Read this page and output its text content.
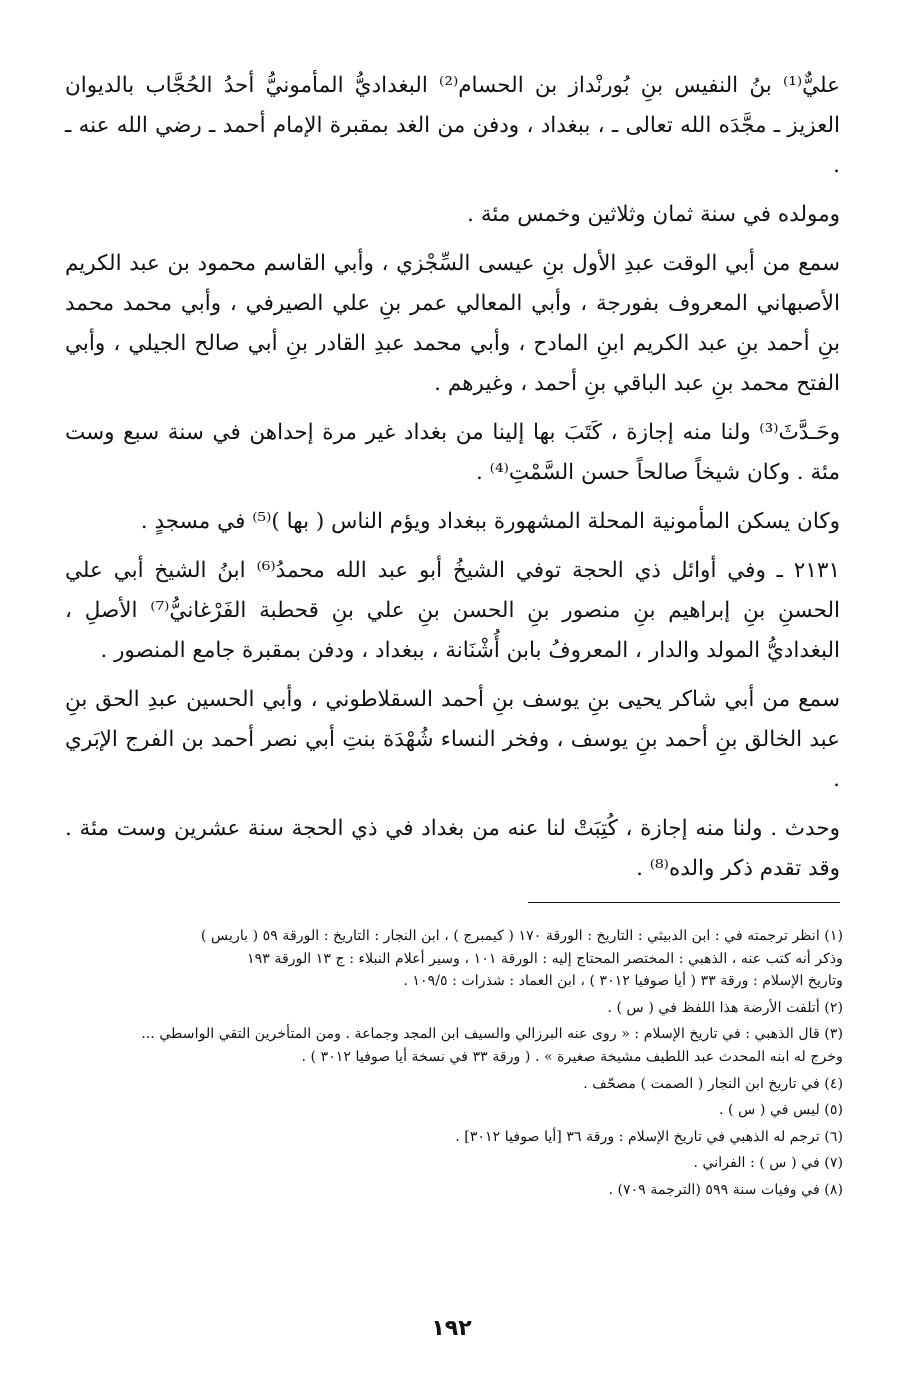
عليٌّ⁽¹⁾ بنُ النفيس بنِ بُورنْداز بن الحسام⁽²⁾ البغداديُّ المأمونيُّ أحدُ الحُجَّاب بالديوان العزيز ـ مجَّدَه الله تعالى ـ ، ببغداد ، ودفن من الغد بمقبرة الإمام أحمد ـ رضي الله عنه ـ .

ومولده في سنة ثمان وثلاثين وخمس مئة .

سمع من أبي الوقت عبدِ الأول بنِ عيسى السِّجْزي ، وأبي القاسم محمود بن عبد الكريم الأصبهاني المعروف بفورجة ، وأبي المعالي عمر بنِ علي الصيرفي ، وأبي محمد محمد بنِ أحمد بنِ عبد الكريم ابنِ المادح ، وأبي محمد عبدِ القادر بنِ أبي صالح الجيلي ، وأبي الفتح محمد بنِ عبد الباقي بنِ أحمد ، وغيرهم .

وحَـدَّثَ⁽³⁾ ولنا منه إجازة ، كَتَبَ بها إلينا من بغداد غير مرة إحداهن في سنة سبع وست مئة . وكان شيخاً صالحاً حسن السَّمْتِ⁽⁴⁾ .

وكان يسكن المأمونية المحلة المشهورة ببغداد ويؤم الناس ( بها )⁽⁵⁾ في مسجدٍ .

٢١٣١ ـ وفي أوائل ذي الحجة توفي الشيخُ أبو عبد الله محمدُ⁽⁶⁾ ابنُ الشيخ أبي علي الحسنِ بنِ إبراهيم بنِ منصور بنِ الحسن بنِ علي بنِ قحطبة الفَرْغانيُّ⁽⁷⁾ الأصلِ ، البغداديُّ المولد والدار ، المعروفُ بابن أُشْنَانة ، ببغداد ، ودفن بمقبرة جامع المنصور .

سمع من أبي شاكر يحيى بنِ يوسف بنِ أحمد السقلاطوني ، وأبي الحسين عبدِ الحق بنِ عبد الخالق بنِ أحمد بنِ يوسف ، وفخر النساء شُهْدَة بنتِ أبي نصر أحمد بن الفرج الإبَري .

وحدث . ولنا منه إجازة ، كُتِبَتْ لنا عنه من بغداد في ذي الحجة سنة عشرين وست مئة . وقد تقدم ذكر والده⁽⁸⁾ .

(١) انظر ترجمته في : ابن الدبيثي : التاريخ : الورقة ١٧٠ ( كيمبرج ) ، ابن النجار : التاريخ : الورقة ٥٩ ( باريس )
وذكر أنه كتب عنه ، الذهبي : المختصر المحتاج إليه : الورقة ١٠١ ، وسير أعلام النبلاء : ج ١٣ الورقة ١٩٣
وتاريخ الإسلام : ورقة ٣٣ ( أيا صوفيا ٣٠١٢ ) ، ابن العماد : شذرات : ١٠٩/٥ .
(٢) أتلفت الأرضة هذا اللفظ في ( س ) .
(٣) قال الذهبي : في تاريخ الإسلام : « روى عنه البرزالي والسيف ابن المجد وجماعة . ومن المتأخرين التقي الواسطي ...
وخرج له ابنه المحدث عبد اللطيف مشيخة صغيرة » . ( ورقة ٣٣ في نسخة أيا صوفيا ٣٠١٢ ) .
(٤) في تاريخ ابن النجار ( الصمت ) مصحّف .
(٥) ليس في ( س ) .
(٦) ترجم له الذهبي في تاريخ الإسلام : ورقة ٣٦ [أيا صوفيا ٣٠١٢] .
(٧) في ( س ) : الفراني .
(٨) في وفيات سنة ٥٩٩ (الترجمة ٧٠٩) .
١٩٢
